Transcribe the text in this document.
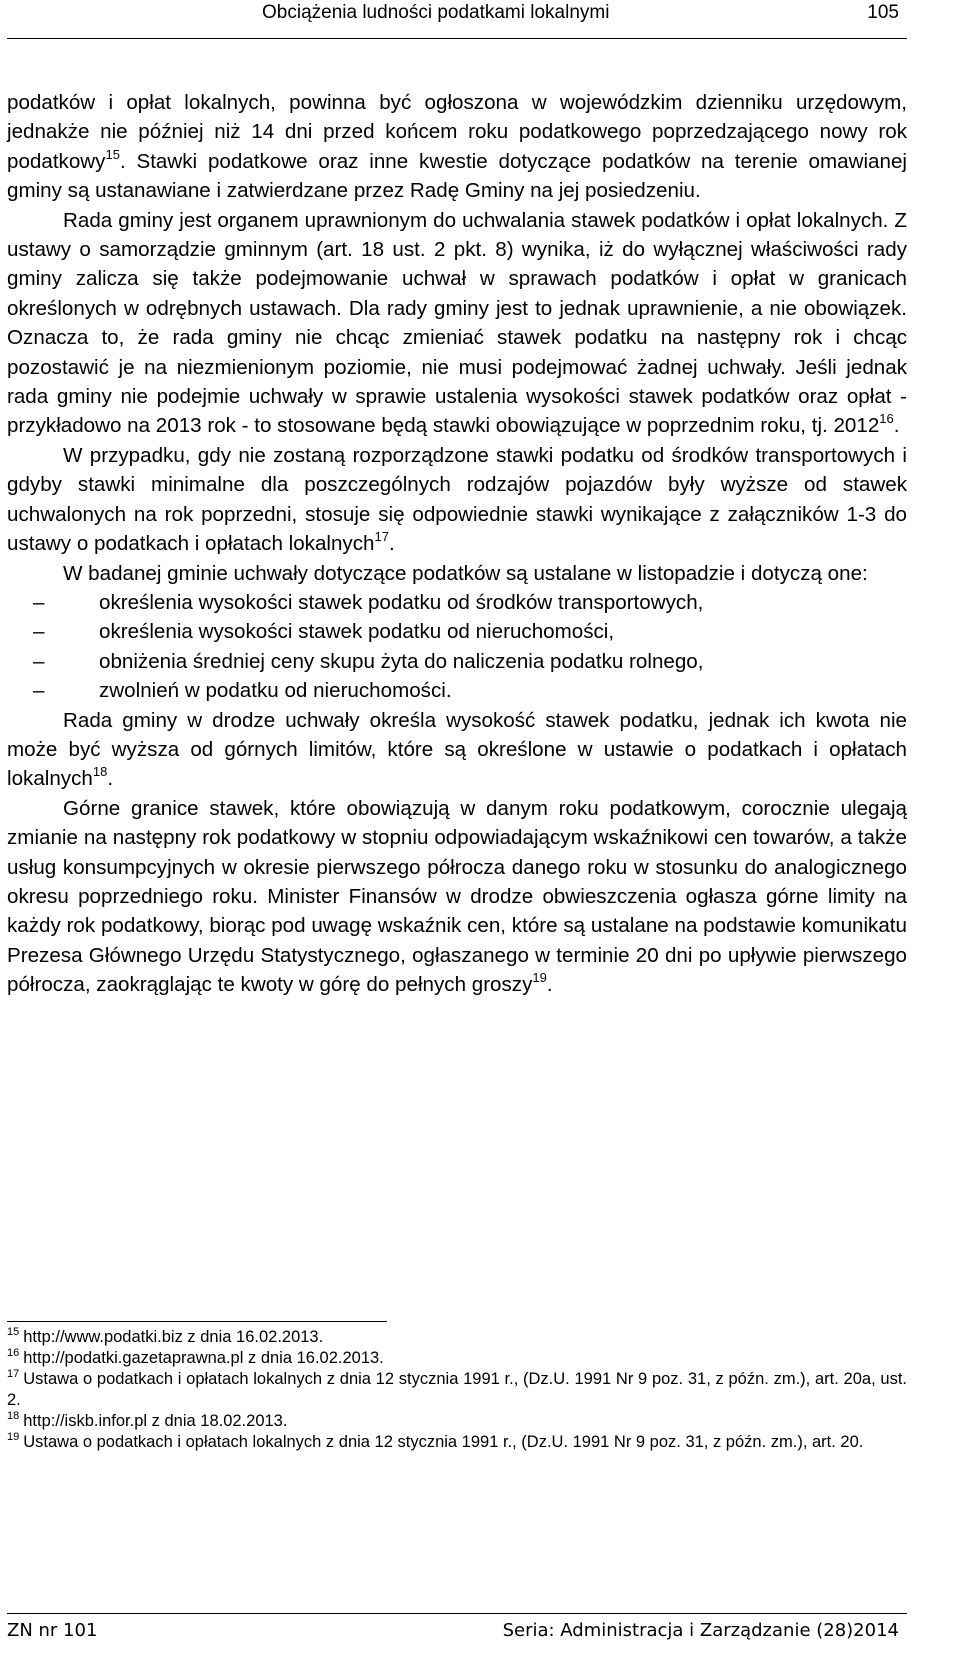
Obciążenia ludności podatkami lokalnymi	105

podatków i opłat lokalnych, powinna być ogłoszona w wojewódzkim dzienniku urzędowym, jednakże nie później niż 14 dni przed końcem roku podatkowego poprzedzającego nowy rok podatkowy$^{15}$. Stawki podatkowe oraz inne kwestie dotyczące podatków na terenie omawianej gminy są ustanawiane i zatwierdzane przez Radę Gminy na jej posiedzeniu.

Rada gminy jest organem uprawnionym do uchwalania stawek podatków i opłat lokalnych. Z ustawy o samorządzie gminnym (art. 18 ust. 2 pkt. 8) wynika, iż do wyłącznej właściwości rady gminy zalicza się także podejmowanie uchwał w sprawach podatków i opłat w granicach określonych w odrębnych ustawach. Dla rady gminy jest to jednak uprawnienie, a nie obowiązek. Oznacza to, że rada gminy nie chcąc zmieniać stawek podatku na następny rok i chcąc pozostawić je na niezmienionym poziomie, nie musi podejmować żadnej uchwały. Jeśli jednak rada gminy nie podejmie uchwały w sprawie ustalenia wysokości stawek podatków oraz opłat - przykładowo na 2013 rok - to stosowane będą stawki obowiązujące w poprzednim roku, tj. 2012$^{16}$.

W przypadku, gdy nie zostaną rozporządzone stawki podatku od środków transportowych i gdyby stawki minimalne dla poszczególnych rodzajów pojazdów były wyższe od stawek uchwalonych na rok poprzedni, stosuje się odpowiednie stawki wynikające z załączników 1-3 do ustawy o podatkach i opłatach lokalnych$^{17}$.

W badanej gminie uchwały dotyczące podatków są ustalane w listopadzie i dotyczą one:

–	określenia wysokości stawek podatku od środków transportowych,
–	określenia wysokości stawek podatku od nieruchomości,
–	obniżenia średniej ceny skupu żyta do naliczenia podatku rolnego,
–	zwolnień w podatku od nieruchomości.

Rada gminy w drodze uchwały określa wysokość stawek podatku, jednak ich kwota nie może być wyższa od górnych limitów, które są określone w ustawie o podatkach i opłatach lokalnych$^{18}$.

Górne granice stawek, które obowiązują w danym roku podatkowym, corocznie ulegają zmianie na następny rok podatkowy w stopniu odpowiadającym wskaźnikowi cen towarów, a także usług konsumpcyjnych w okresie pierwszego półrocza danego roku w stosunku do analogicznego okresu poprzedniego roku. Minister Finansów w drodze obwieszczenia ogłasza górne limity na każdy rok podatkowy, biorąc pod uwagę wskaźnik cen, które są ustalane na podstawie komunikatu Prezesa Głównego Urzędu Statystycznego, ogłaszanego w terminie 20 dni po upływie pierwszego półrocza, zaokrąglając te kwoty w górę do pełnych groszy$^{19}$.

$^{15}$ http://www.podatki.biz z dnia 16.02.2013.

$^{16}$ http://podatki.gazetaprawna.pl z dnia 16.02.2013.

$^{17}$ Ustawa o podatkach i opłatach lokalnych z dnia 12 stycznia 1991 r., (Dz.U. 1991 Nr 9 poz. 31, z późn. zm.), art. 20a, ust. 2.

$^{18}$ http://iskb.infor.pl z dnia 18.02.2013.

$^{19}$ Ustawa o podatkach i opłatach lokalnych z dnia 12 stycznia 1991 r., (Dz.U. 1991 Nr 9 poz. 31, z późn. zm.), art. 20.

ZN nr 101	Seria: Administracja i Zarządzanie (28)2014
